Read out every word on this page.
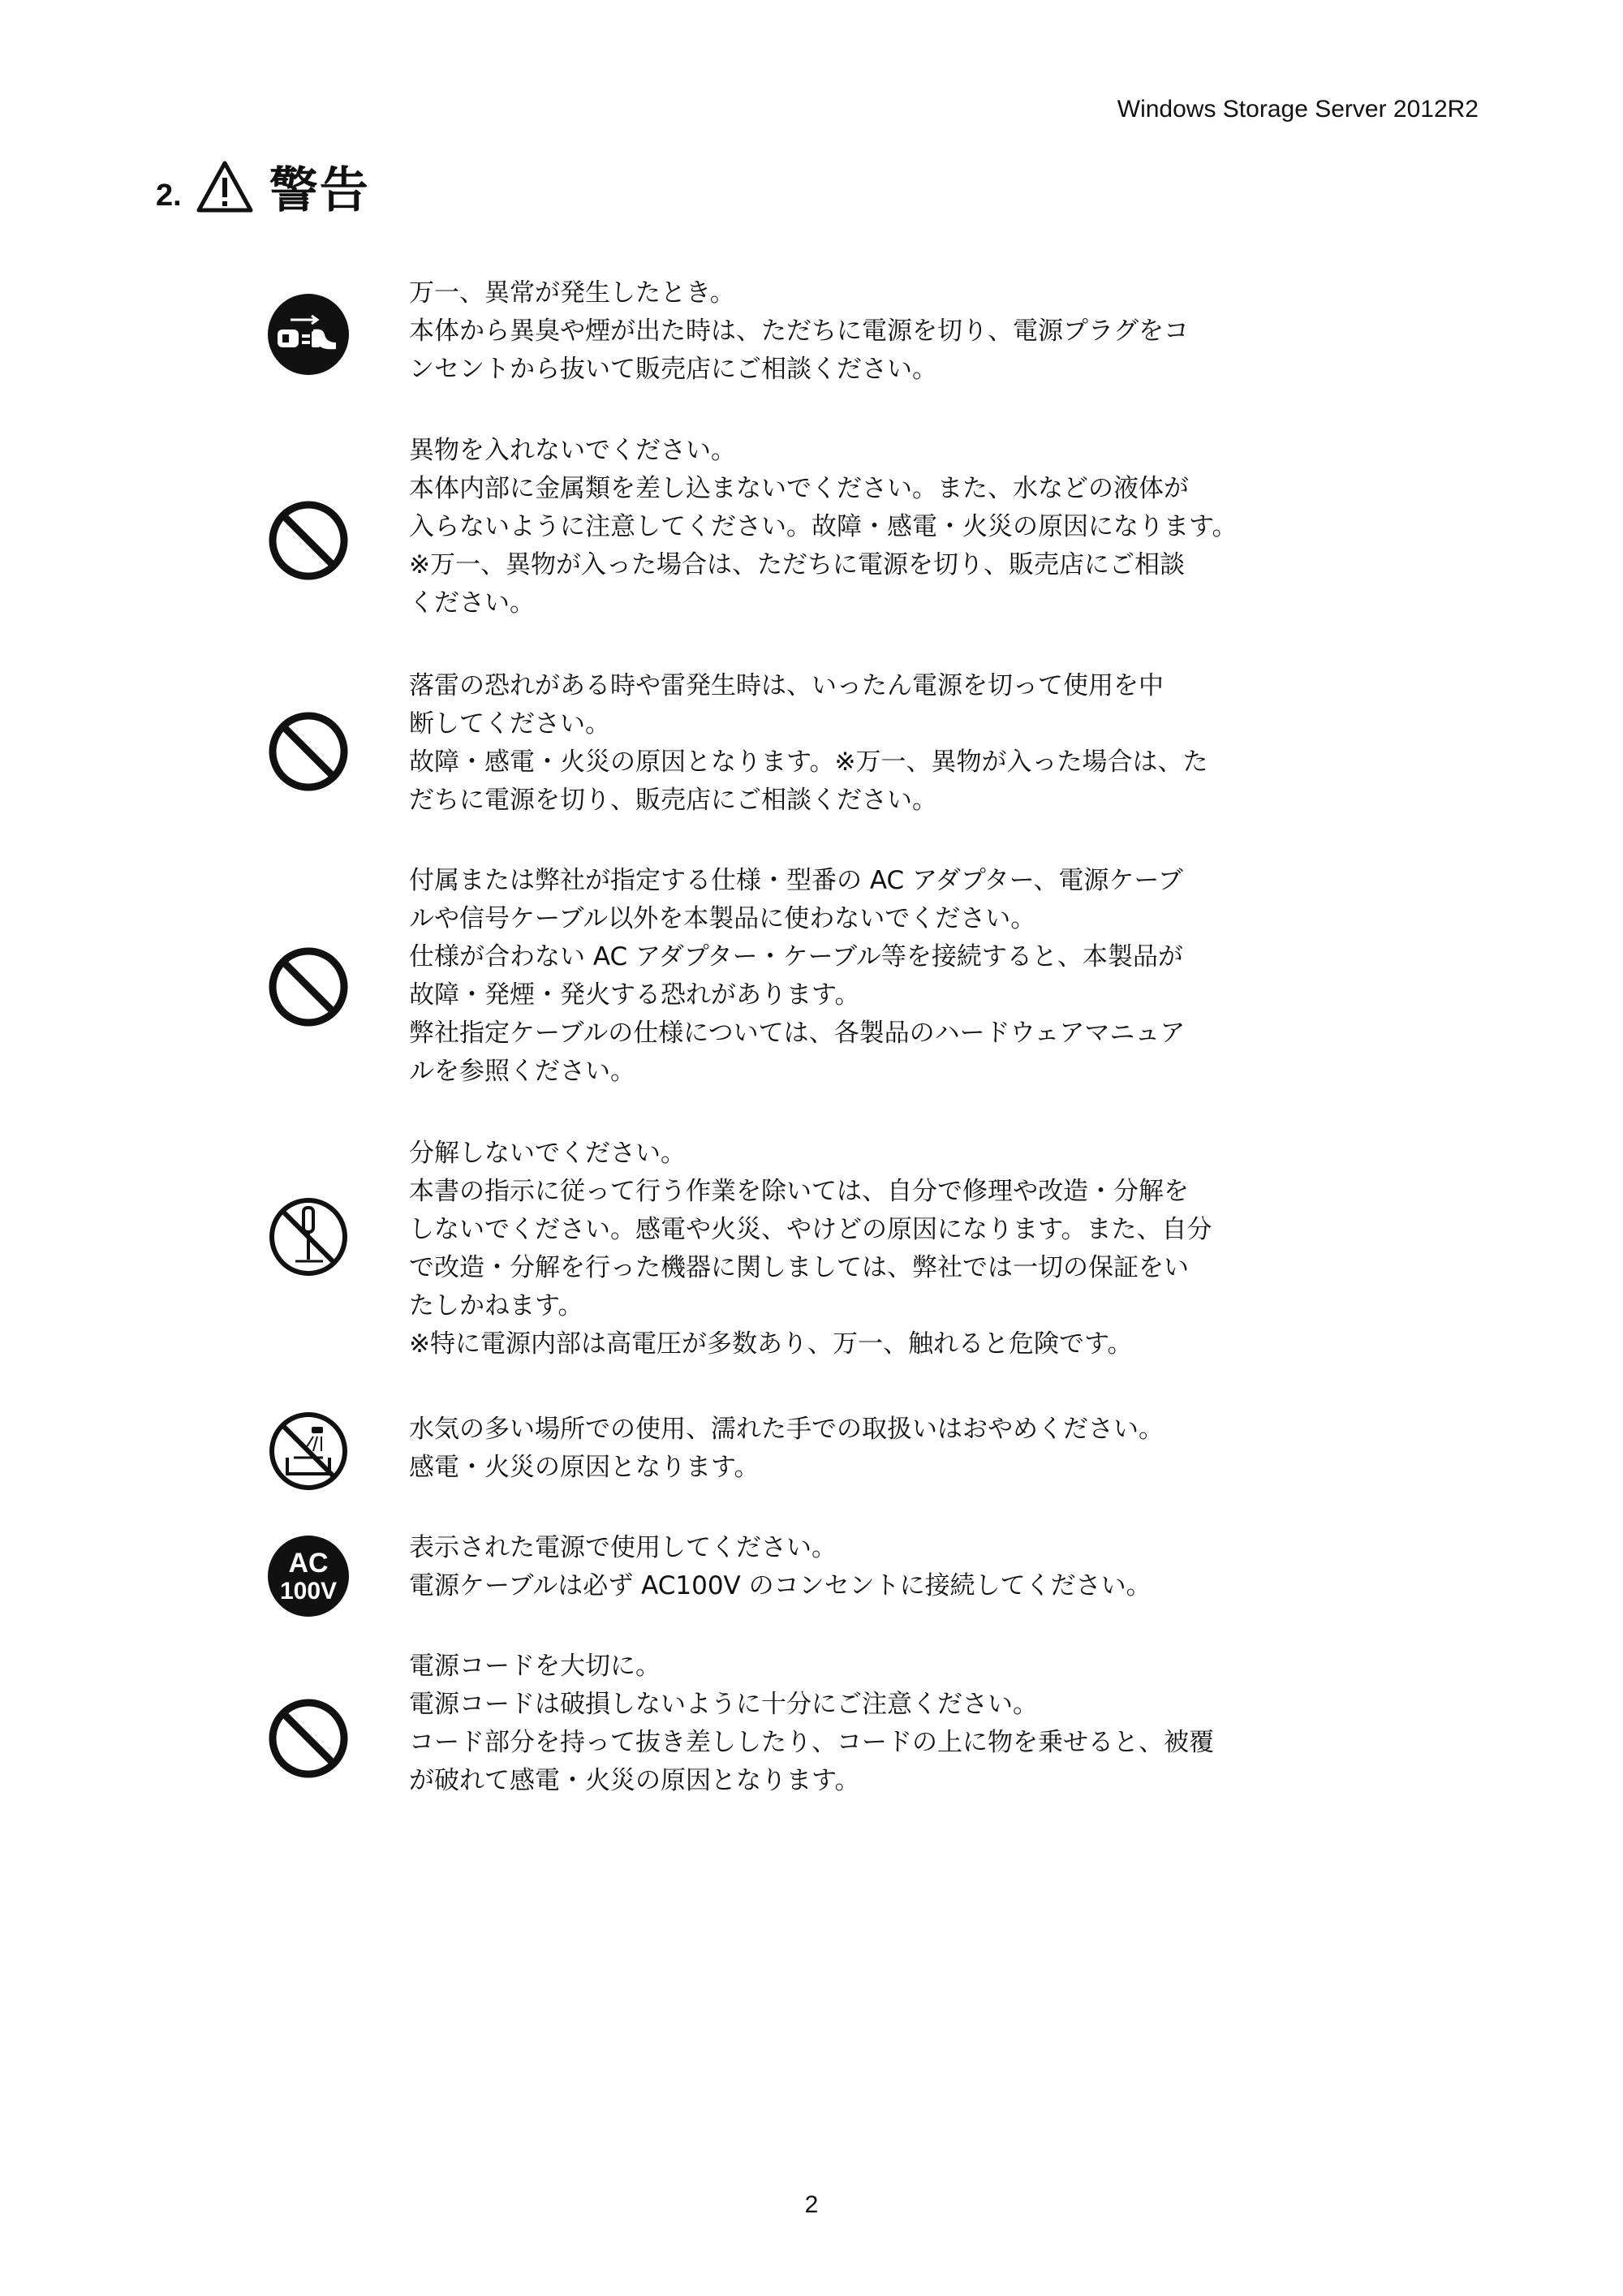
Windows Storage Server 2012R2
2. 警告

万一、異常が発生したとき。

本体から異臭や煙が出た時は、ただちに電源を切り、電源プラグをコ

ンセントから抜いて販売店にご相談ください。

異物を入れないでください。

本体内部に金属類を差し込まないでください。また、水などの液体が

入らないように注意してください。故障・感電・火災の原因になります。

※万一、異物が入った場合は、ただちに電源を切り、販売店にご相談

ください。

落雷の恐れがある時や雷発生時は、いったん電源を切って使用を中

断してください。

故障・感電・火災の原因となります。※万一、異物が入った場合は、た

だちに電源を切り、販売店にご相談ください。

付属または弊社が指定する仕様・型番の AC アダプター、電源ケーブ

ルや信号ケーブル以外を本製品に使わないでください。

仕様が合わない AC アダプター・ケーブル等を接続すると、本製品が

故障・発煙・発火する恐れがあります。

弊社指定ケーブルの仕様については、各製品のハードウェアマニュア

ルを参照ください。

分解しないでください。

本書の指示に従って行う作業を除いては、自分で修理や改造・分解を

しないでください。感電や火災、やけどの原因になります。また、自分

で改造・分解を行った機器に関しましては、弊社では一切の保証をい

たしかねます。

※特に電源内部は高電圧が多数あり、万一、触れると危険です。

水気の多い場所での使用、濡れた手での取扱いはおやめください。

感電・火災の原因となります。

AC
100V

表示された電源で使用してください。

電源ケーブルは必ず AC100V のコンセントに接続してください。

電源コードを大切に。

電源コードは破損しないように十分にご注意ください。

コード部分を持って抜き差ししたり、コードの上に物を乗せると、被覆

が破れて感電・火災の原因となります。

2
